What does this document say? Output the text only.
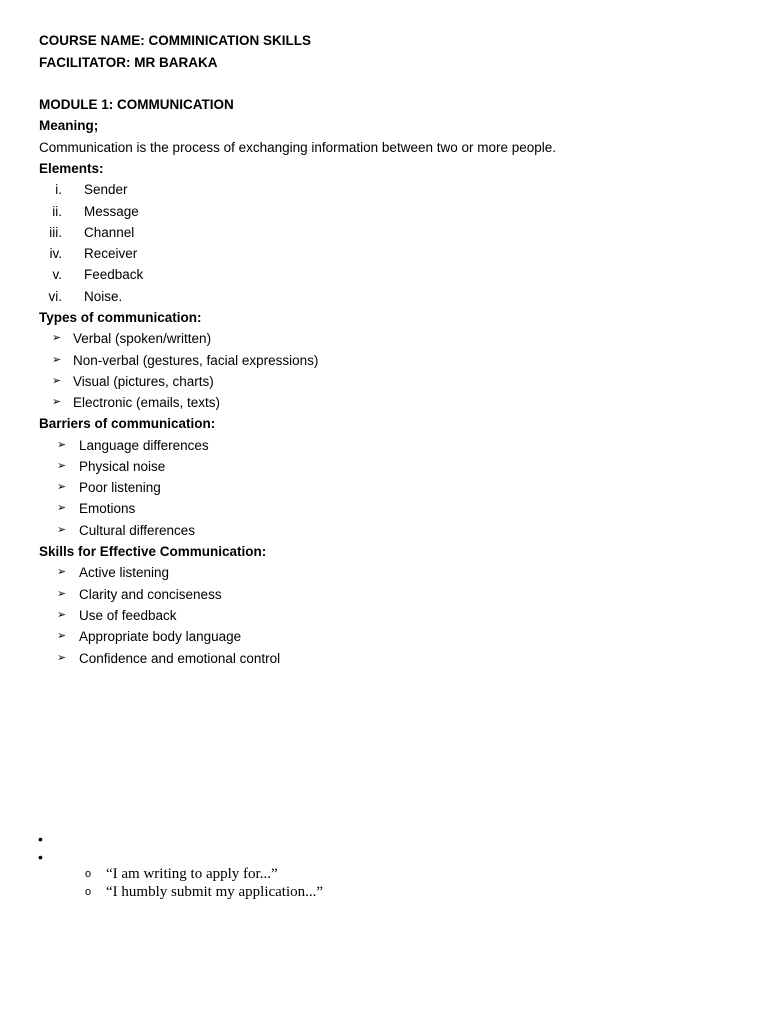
COURSE NAME: COMMINICATION SKILLS
FACILITATOR: MR BARAKA
MODULE 1: COMMUNICATION
Meaning;
Communication is the process of exchanging information between two or more people.
Elements:
i. Sender
ii. Message
iii. Channel
iv. Receiver
v. Feedback
vi. Noise.
Types of communication:
➢ Verbal (spoken/written)
➢ Non-verbal (gestures, facial expressions)
➢ Visual (pictures, charts)
➢ Electronic (emails, texts)
Barriers of communication:
➢ Language differences
➢ Physical noise
➢ Poor listening
➢ Emotions
➢ Cultural differences
Skills for Effective Communication:
➢ Active listening
➢ Clarity and conciseness
➢ Use of feedback
➢ Appropriate body language
➢ Confidence and emotional control
•
•
o “I am writing to apply for...”
o “I humbly submit my application...”
